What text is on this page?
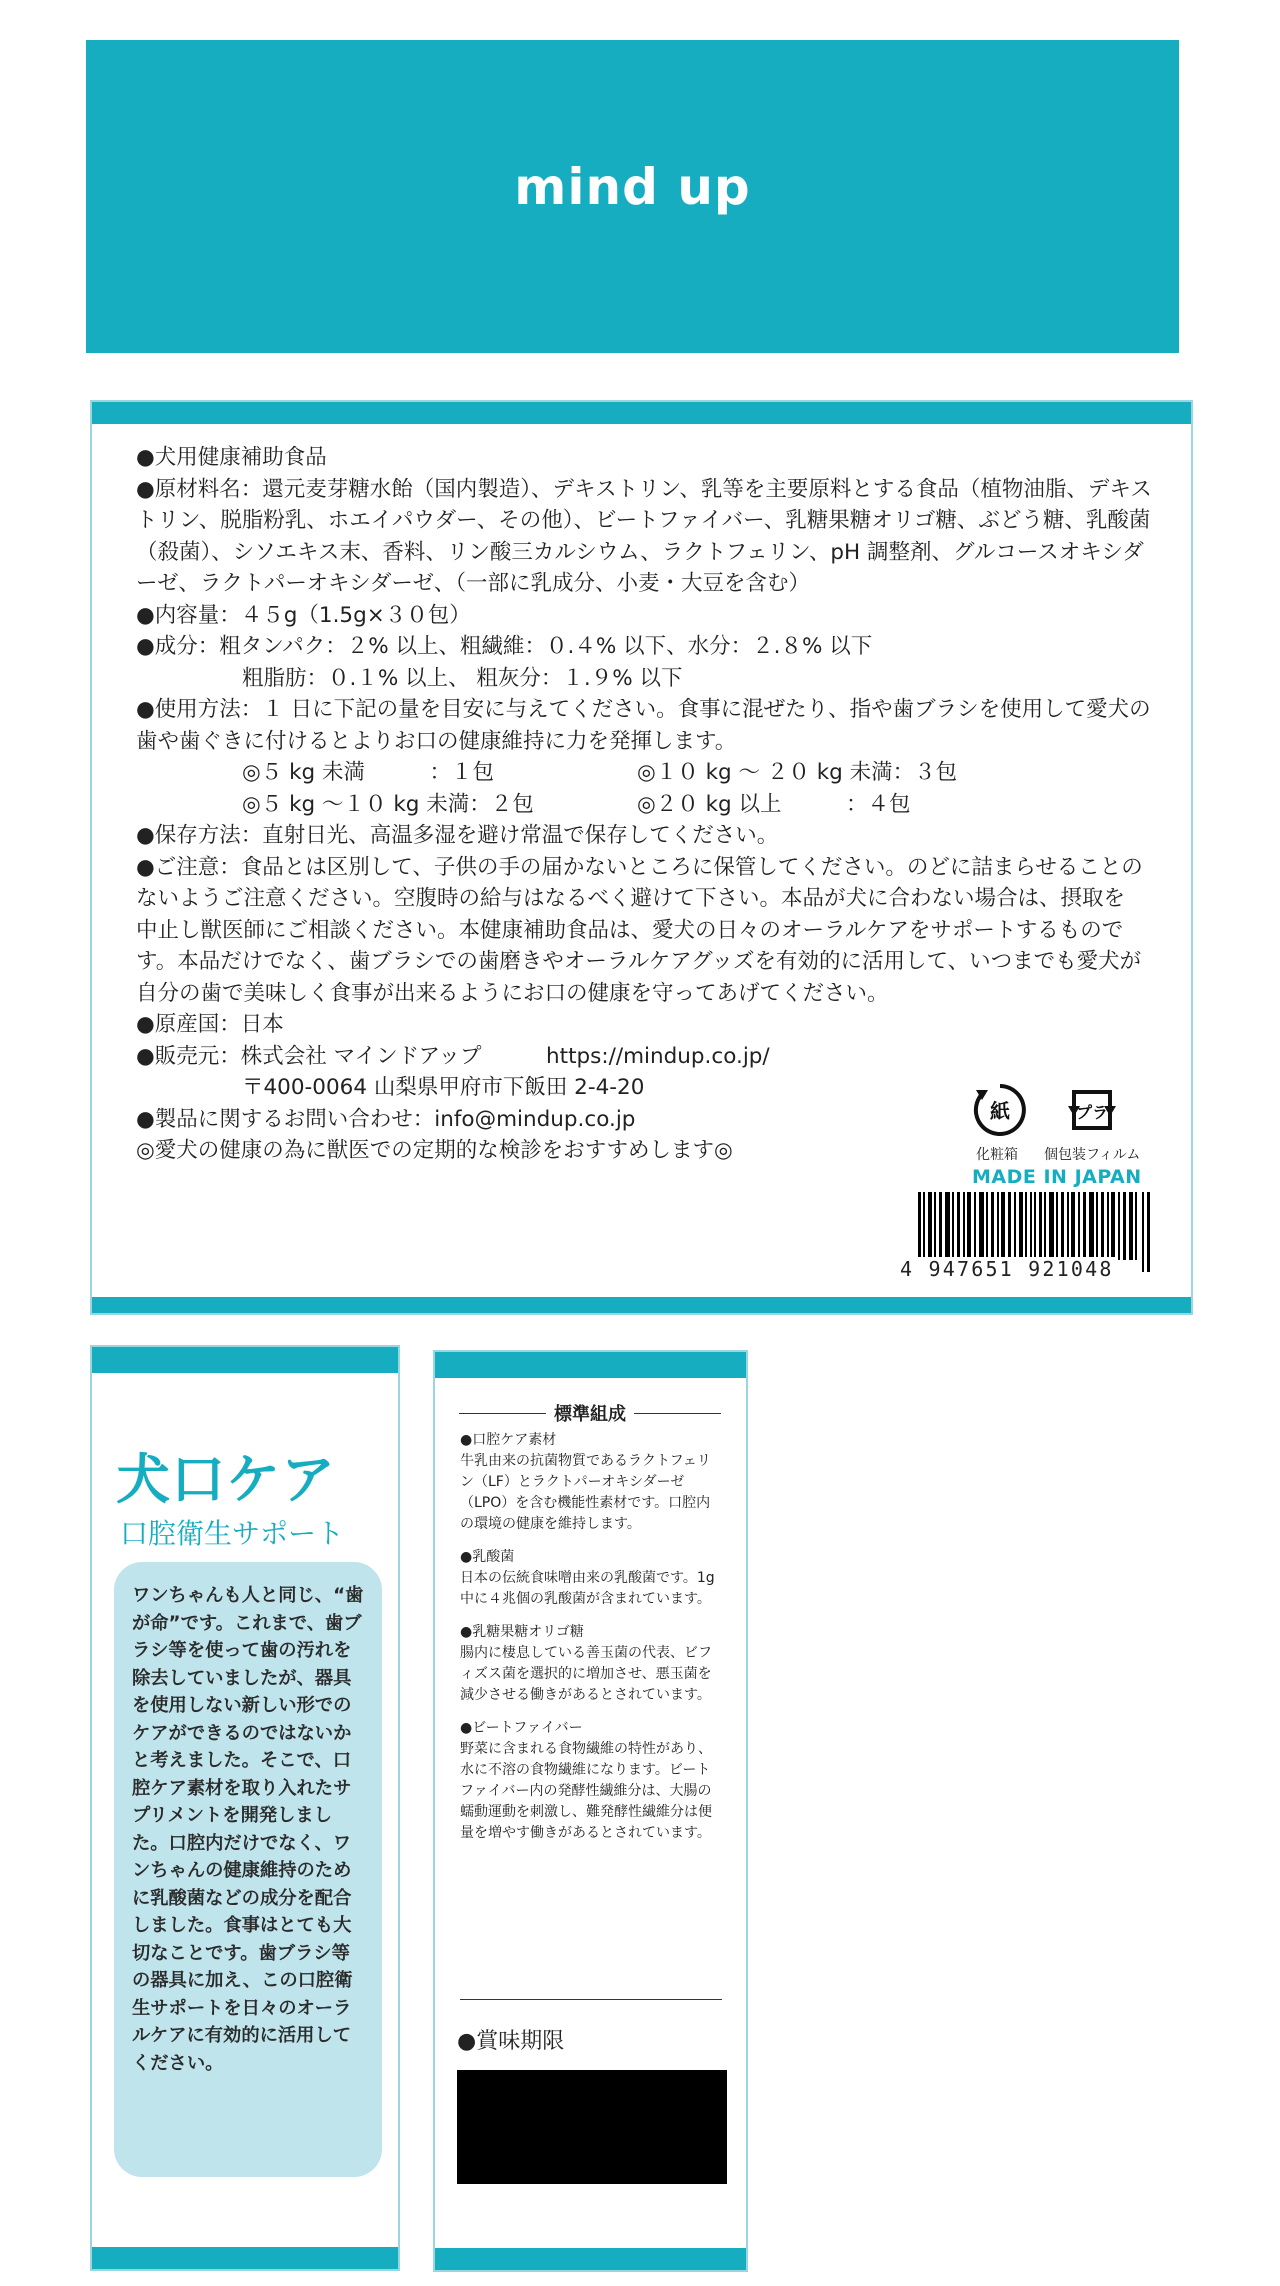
mind up

●犬用健康補助食品

●原材料名：還元麦芽糖水飴（国内製造）、デキストリン、乳等を主要原料とする食品（植物油脂、デキストリン、脱脂粉乳、ホエイパウダー、その他）、ビートファイバー、乳糖果糖オリゴ糖、ぶどう糖、乳酸菌（殺菌）、シソエキス末、香料、リン酸三カルシウム、ラクトフェリン、pH 調整剤、グルコースオキシダーゼ、ラクトパーオキシダーゼ、（一部に乳成分、小麦・大豆を含む）

●内容量：４５g（1.5g×３０包）

●成分：粗タンパク：２% 以上、粗繊維：０.４% 以下、水分：２.８% 以下

粗脂肪：０.１% 以上、 粗灰分：１.９% 以下

●使用方法：１ 日に下記の量を目安に与えてください。食事に混ぜたり、指や歯ブラシを使用して愛犬の歯や歯ぐきに付けるとよりお口の健康維持に力を発揮します。

◎５ kg 未満　　　：１包	◎１０ kg ～ ２０ kg 未満：３包
◎５ kg ～１０ kg 未満：２包	◎２０ kg 以上　　　：４包

●保存方法：直射日光、高温多湿を避け常温で保存してください。

●ご注意：食品とは区別して、子供の手の届かないところに保管してください。のどに詰まらせることのないようご注意ください。空腹時の給与はなるべく避けて下さい。本品が犬に合わない場合は、摂取を中止し獣医師にご相談ください。本健康補助食品は、愛犬の日々のオーラルケアをサポートするものです。本品だけでなく、歯ブラシでの歯磨きやオーラルケアグッズを有効的に活用して、いつまでも愛犬が自分の歯で美味しく食事が出来るようにお口の健康を守ってあげてください。

●原産国：日本

●販売元：株式会社 マインドアップ　　　https://mindup.co.jp/

〒400-0064 山梨県甲府市下飯田 2-4-20

●製品に関するお問い合わせ：info@mindup.co.jp

◎愛犬の健康の為に獣医での定期的な検診をおすすめします◎

紙
化粧箱
プラ
個包装フィルム
MADE IN JAPAN
4 947651 921048
犬口ケア
口腔衛生サポート
ワンちゃんも人と同じ、“歯が命”です。これまで、歯ブラシ等を使って歯の汚れを除去していましたが、器具を使用しない新しい形でのケアができるのではないかと考えました。そこで、口腔ケア素材を取り入れたサプリメントを開発しました。口腔内だけでなく、ワンちゃんの健康維持のために乳酸菌などの成分を配合しました。食事はとても大切なことです。歯ブラシ等の器具に加え、この口腔衛生サポートを日々のオーラルケアに有効的に活用してください。
標準組成
●口腔ケア素材
牛乳由来の抗菌物質であるラクトフェリン（LF）とラクトパーオキシダーゼ（LPO）を含む機能性素材です。口腔内の環境の健康を維持します。
●乳酸菌
日本の伝統食味噌由来の乳酸菌です。1g 中に４兆個の乳酸菌が含まれています。
●乳糖果糖オリゴ糖
腸内に棲息している善玉菌の代表、ビフィズス菌を選択的に増加させ、悪玉菌を減少させる働きがあるとされています。
●ビートファイバー
野菜に含まれる食物繊維の特性があり、水に不溶の食物繊維になります。ビートファイバー内の発酵性繊維分は、大腸の蠕動運動を刺激し、難発酵性繊維分は便量を増やす働きがあるとされています。
●賞味期限
